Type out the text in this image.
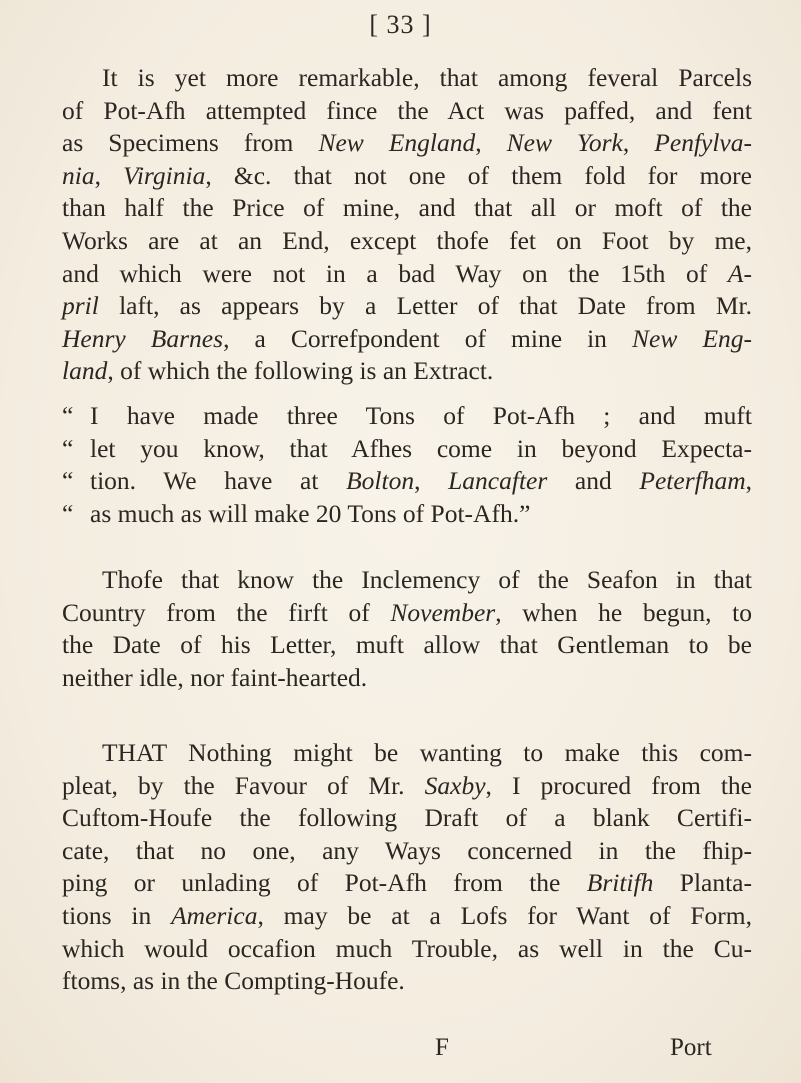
[ 33 ]
It is yet more remarkable, that among feveral Parcels
of Pot-Afh attempted fince the Act was paffed, and fent
as Specimens from New England, New York, Penfylva-
nia, Virginia, &c. that not one of them fold for more
than half the Price of mine, and that all or moft of the
Works are at an End, except thofe fet on Foot by me,
and which were not in a bad Way on the 15th of A-
pril laft, as appears by a Letter of that Date from Mr.
Henry Barnes, a Correfpondent of mine in New Eng-
land, of which the following is an Extract.
“ I have made three Tons of Pot-Afh ; and muft
“ let you know, that Afhes come in beyond Expecta-
“ tion. We have at Bolton, Lancafter and Peterfham,
“ as much as will make 20 Tons of Pot-Afh.”
Thofe that know the Inclemency of the Seafon in that
Country from the firft of November, when he begun, to
the Date of his Letter, muft allow that Gentleman to be
neither idle, nor faint-hearted.
THAT Nothing might be wanting to make this com-
pleat, by the Favour of Mr. Saxby, I procured from the
Cuftom-Houfe the following Draft of a blank Certifi-
cate, that no one, any Ways concerned in the fhip-
ping or unlading of Pot-Afh from the Britifh Planta-
tions in America, may be at a Lofs for Want of Form,
which would occafion much Trouble, as well in the Cu-
ftoms, as in the Compting-Houfe.
F	Port
